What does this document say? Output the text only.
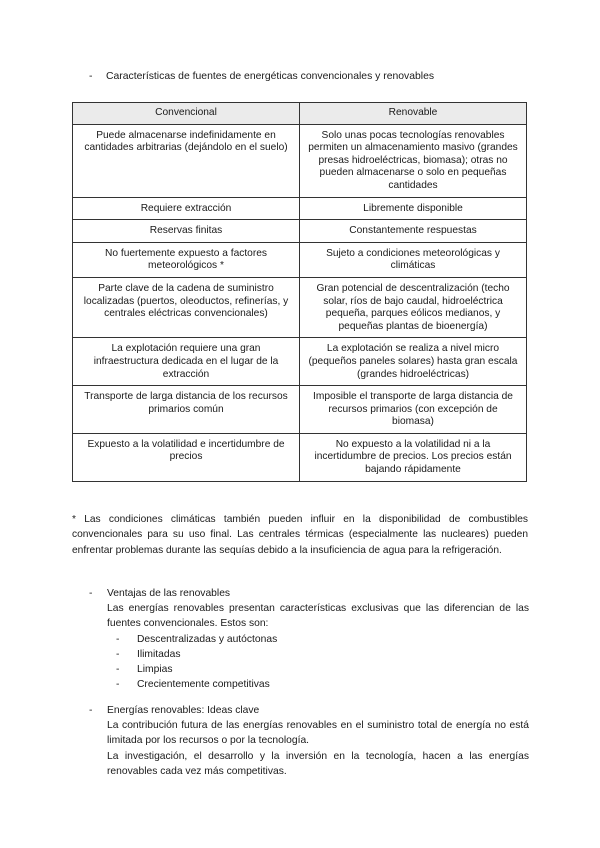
- Características de fuentes de energéticas convencionales y renovables
Convencional	Renovable
Puede almacenarse indefinidamente en cantidades arbitrarias (dejándolo en el suelo)	Solo unas pocas tecnologías renovables permiten un almacenamiento masivo (grandes presas hidroeléctricas, biomasa); otras no pueden almacenarse o solo en pequeñas cantidades
Requiere extracción	Libremente disponible
Reservas finitas	Constantemente respuestas
No fuertemente expuesto a factores meteorológicos *	Sujeto a condiciones meteorológicas y climáticas
Parte clave de la cadena de suministro localizadas (puertos, oleoductos, refinerías, y centrales eléctricas convencionales)	Gran potencial de descentralización (techo solar, ríos de bajo caudal, hidroeléctrica pequeña, parques eólicos medianos, y pequeñas plantas de bioenergía)
La explotación requiere una gran infraestructura dedicada en el lugar de la extracción	La explotación se realiza a nivel micro (pequeños paneles solares) hasta gran escala (grandes hidroeléctricas)
Transporte de larga distancia de los recursos primarios común	Imposible el transporte de larga distancia de recursos primarios (con excepción de biomasa)
Expuesto a la volatilidad e incertidumbre de precios	No expuesto a la volatilidad ni a la incertidumbre de precios. Los precios están bajando rápidamente
* Las condiciones climáticas también pueden influir en la disponibilidad de combustibles convencionales para su uso final. Las centrales térmicas (especialmente las nucleares) pueden enfrentar problemas durante las sequías debido a la insuficiencia de agua para la refrigeración.
- Ventajas de las renovables

Las energías renovables presentan características exclusivas que las diferencian de las fuentes convencionales. Estos son:

- Descentralizadas y autóctonas
- Ilimitadas
- Limpias
- Crecientemente competitivas
- Energías renovables: Ideas clave

La contribución futura de las energías renovables en el suministro total de energía no está limitada por los recursos o por la tecnología.

La investigación, el desarrollo y la inversión en la tecnología, hacen a las energías renovables cada vez más competitivas.
